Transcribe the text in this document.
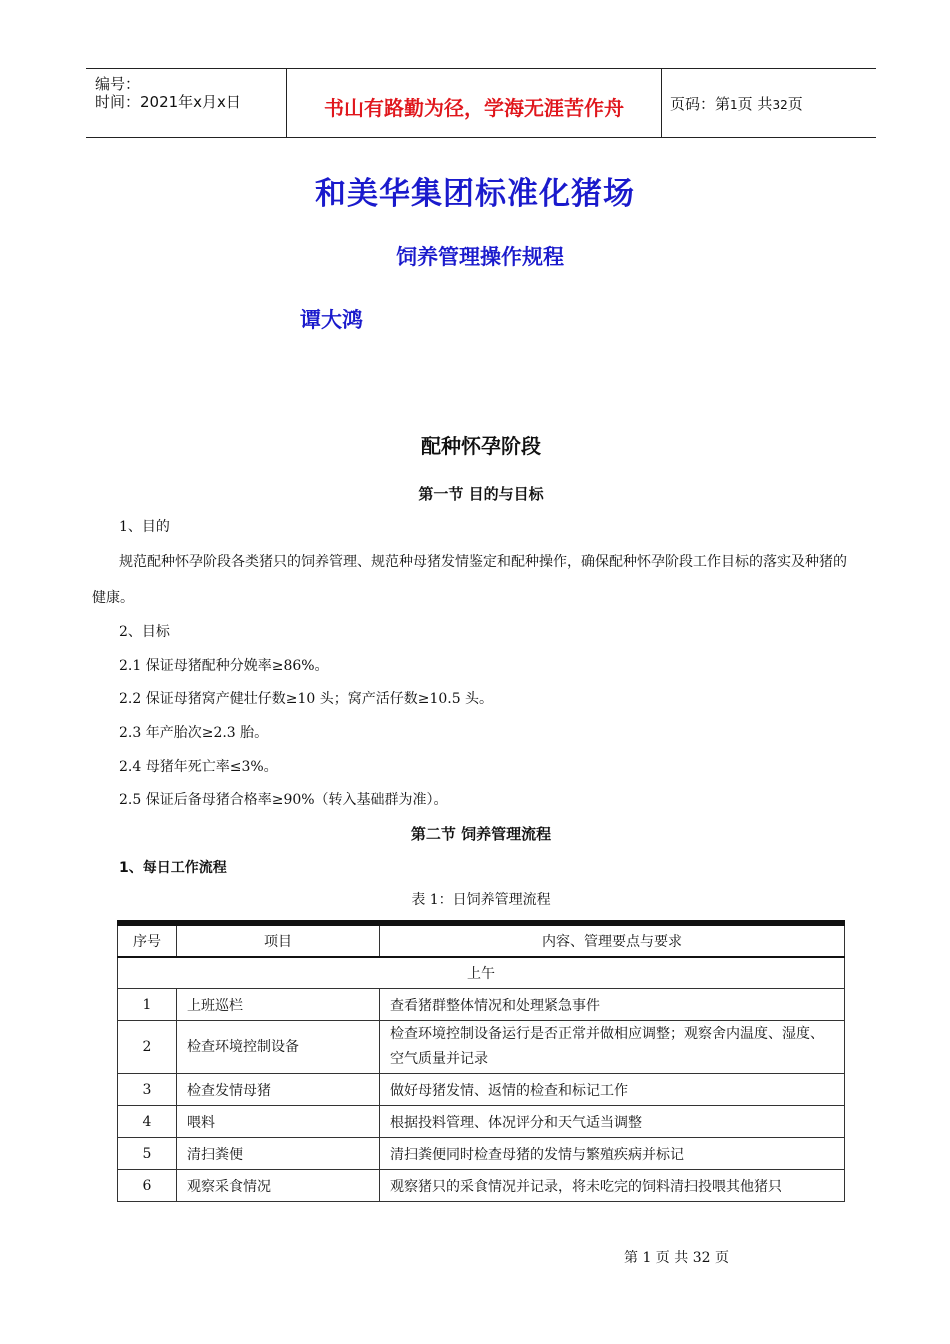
编号：
时间：2021年x月x日	书山有路勤为径，学海无涯苦作舟	页码：第1页 共32页
和美华集团标准化猪场
饲养管理操作规程
谭大鸿
配种怀孕阶段
第一节 目的与目标
1、目的
规范配种怀孕阶段各类猪只的饲养管理、规范种母猪发情鉴定和配种操作，确保配种怀孕阶段工作目标的落实及种猪的
健康。
2、目标
2.1 保证母猪配种分娩率≥86%。
2.2 保证母猪窝产健壮仔数≥10 头；窝产活仔数≥10.5 头。
2.3 年产胎次≥2.3 胎。
2.4 母猪年死亡率≤3%。
2.5 保证后备母猪合格率≥90%（转入基础群为准）。
第二节 饲养管理流程
1、每日工作流程
表 1：日饲养管理流程
序号	项目	内容、管理要点与要求
上午		
1	上班巡栏	查看猪群整体情况和处理紧急事件
2	检查环境控制设备	检查环境控制设备运行是否正常并做相应调整；观察舍内温度、湿度、空气质量并记录
3	检查发情母猪	做好母猪发情、返情的检查和标记工作
4	喂料	根据投料管理、体况评分和天气适当调整
5	清扫粪便	清扫粪便同时检查母猪的发情与繁殖疾病并标记
6	观察采食情况	观察猪只的采食情况并记录，将未吃完的饲料清扫投喂其他猪只
第 1 页 共 32 页
